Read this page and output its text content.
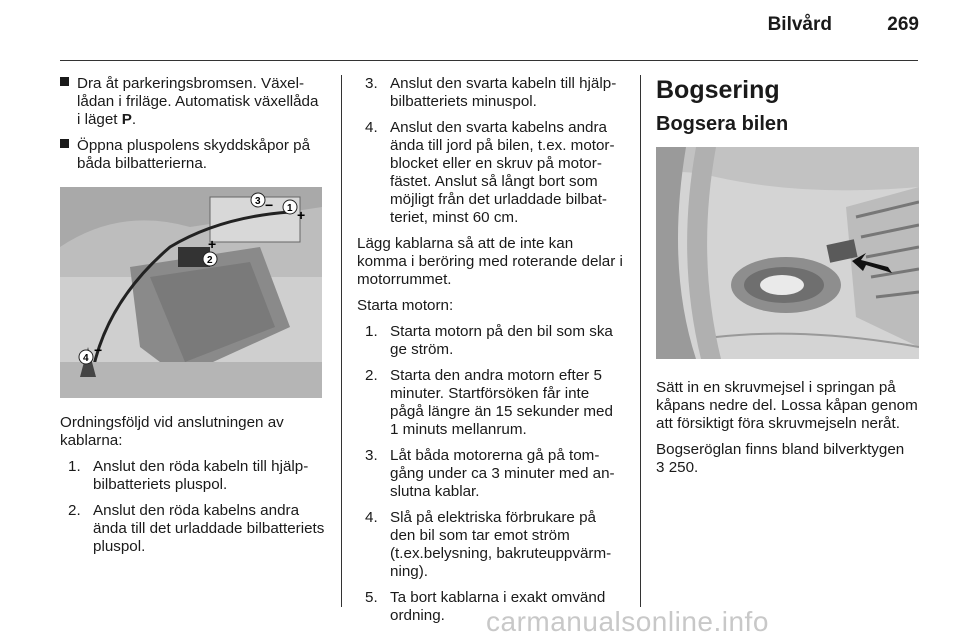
Bilvård	269
Dra åt parkeringsbromsen. Växellådan i friläge. Automatisk växellåda i läget P.
Öppna pluspolens skyddskåpor på båda bilbatterierna.
1
2
3
4
+
+
−
−

Ordningsföljd vid anslutningen av kablarna:

1. Anslut den röda kabeln till hjälpbilbatteriets pluspol.
2. Anslut den röda kabelns andra ända till det urladdade bilbatteriets pluspol.
3. Anslut den svarta kabeln till hjälpbilbatteriets minuspol.
4. Anslut den svarta kabelns andra ända till jord på bilen, t.ex. motorblocket eller en skruv på motorfästet. Anslut så långt bort som möjligt från det urladdade bilbatteriet, minst 60 cm.

Lägg kablarna så att de inte kan komma i beröring med roterande delar i motorrummet.

Starta motorn:

1. Starta motorn på den bil som ska ge ström.
2. Starta den andra motorn efter 5 minuter. Startförsöken får inte pågå längre än 15 sekunder med 1 minuts mellanrum.
3. Låt båda motorerna gå på tomgång under ca 3 minuter med anslutna kablar.
4. Slå på elektriska förbrukare på den bil som tar emot ström (t.ex.belysning, bakruteuppvärmning).
5. Ta bort kablarna i exakt omvänd ordning.
Bogsering
Bogsera bilen

Sätt in en skruvmejsel i springan på kåpans nedre del. Lossa kåpan genom att försiktigt föra skruvmejseln neråt.

Bogseröglan finns bland bilverktygen
3 250.

carmanualsonline.info
